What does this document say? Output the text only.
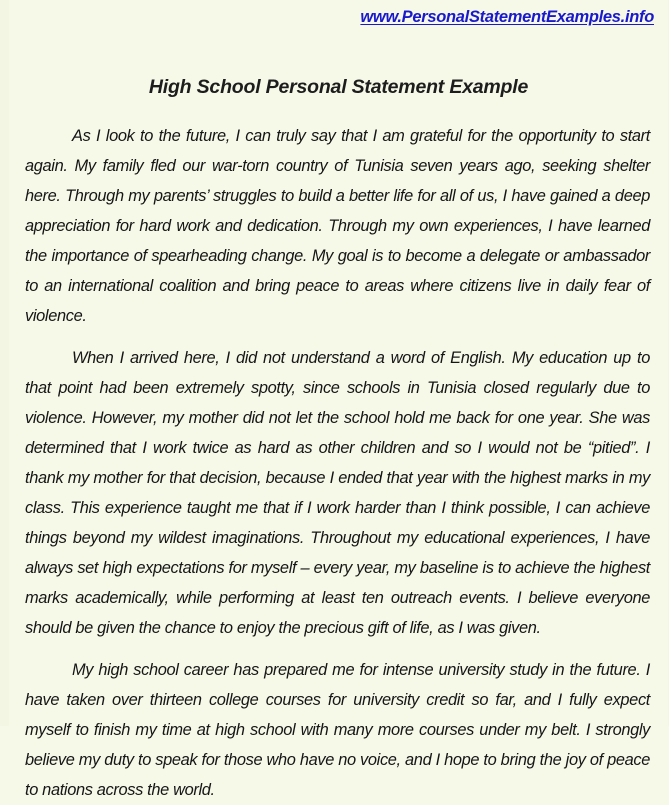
www.PersonalStatementExamples.info
High School Personal Statement Example

As I look to the future, I can truly say that I am grateful for the opportunity to start again. My family fled our war-torn country of Tunisia seven years ago, seeking shelter here. Through my parents’ struggles to build a better life for all of us, I have gained a deep appreciation for hard work and dedication. Through my own experiences, I have learned the importance of spearheading change. My goal is to become a delegate or ambassador to an international coalition and bring peace to areas where citizens live in daily fear of violence.

When I arrived here, I did not understand a word of English. My education up to that point had been extremely spotty, since schools in Tunisia closed regularly due to violence. However, my mother did not let the school hold me back for one year. She was determined that I work twice as hard as other children and so I would not be “pitied”. I thank my mother for that decision, because I ended that year with the highest marks in my class. This experience taught me that if I work harder than I think possible, I can achieve things beyond my wildest imaginations. Throughout my educational experiences, I have always set high expectations for myself – every year, my baseline is to achieve the highest marks academically, while performing at least ten outreach events. I believe everyone should be given the chance to enjoy the precious gift of life, as I was given.

My high school career has prepared me for intense university study in the future. I have taken over thirteen college courses for university credit so far, and I fully expect myself to finish my time at high school with many more courses under my belt. I strongly believe my duty to speak for those who have no voice, and I hope to bring the joy of peace to nations across the world.
